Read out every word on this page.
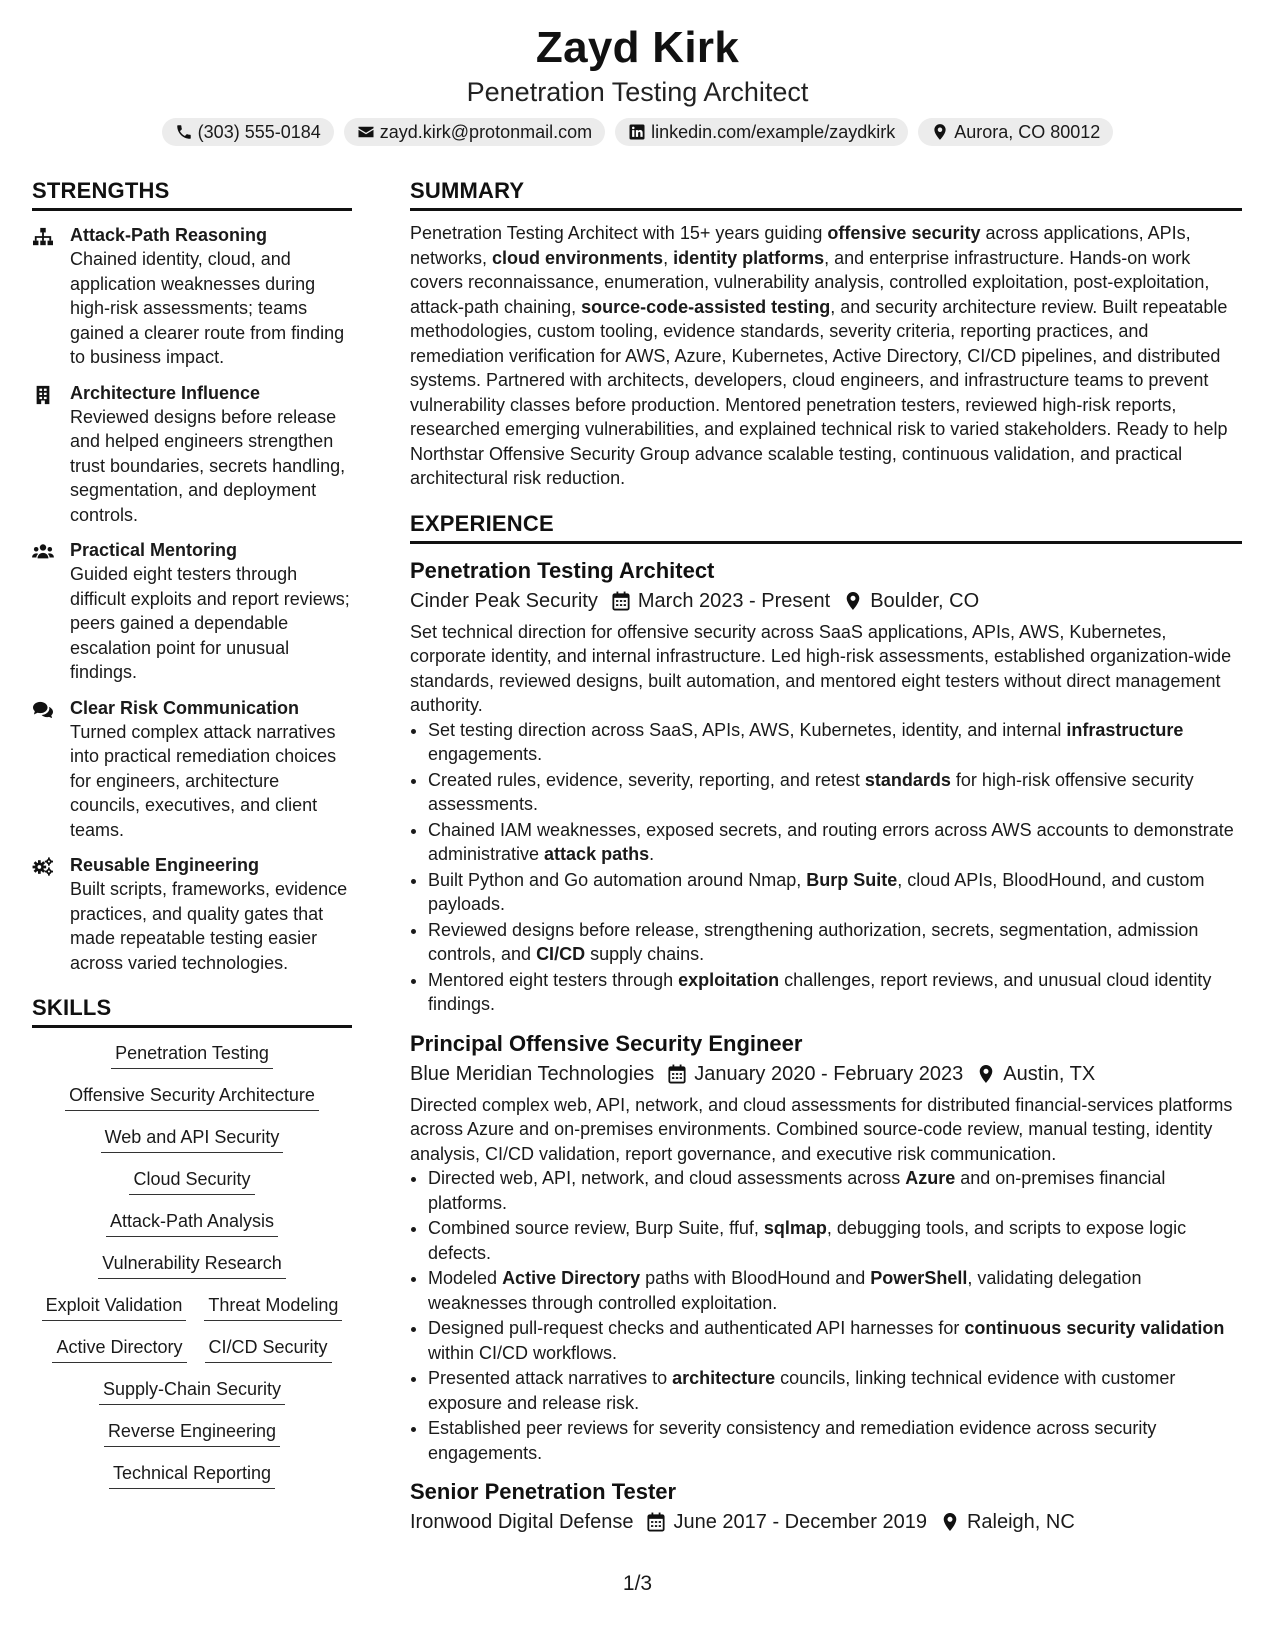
Zayd Kirk
Penetration Testing Architect
(303) 555-0184	zayd.kirk@protonmail.com	linkedin.com/example/zaydkirk	Aurora, CO 80012
STRENGTHS
Attack-Path Reasoning
Chained identity, cloud, and application weaknesses during high-risk assessments; teams gained a clearer route from finding to business impact.
Architecture Influence
Reviewed designs before release and helped engineers strengthen trust boundaries, secrets handling, segmentation, and deployment controls.
Practical Mentoring
Guided eight testers through difficult exploits and report reviews; peers gained a dependable escalation point for unusual findings.
Clear Risk Communication
Turned complex attack narratives into practical remediation choices for engineers, architecture councils, executives, and client teams.
Reusable Engineering
Built scripts, frameworks, evidence practices, and quality gates that made repeatable testing easier across varied technologies.
SKILLS
Penetration Testing
Offensive Security Architecture
Web and API Security
Cloud Security
Attack-Path Analysis
Vulnerability Research
Exploit Validation Threat Modeling
Active Directory CI/CD Security
Supply-Chain Security
Reverse Engineering
Technical Reporting
SUMMARY
Penetration Testing Architect with 15+ years guiding offensive security across applications, APIs, networks, cloud environments, identity platforms, and enterprise infrastructure. Hands-on work covers reconnaissance, enumeration, vulnerability analysis, controlled exploitation, post-exploitation, attack-path chaining, source-code-assisted testing, and security architecture review. Built repeatable methodologies, custom tooling, evidence standards, severity criteria, reporting practices, and remediation verification for AWS, Azure, Kubernetes, Active Directory, CI/CD pipelines, and distributed systems. Partnered with architects, developers, cloud engineers, and infrastructure teams to prevent vulnerability classes before production. Mentored penetration testers, reviewed high-risk reports, researched emerging vulnerabilities, and explained technical risk to varied stakeholders. Ready to help Northstar Offensive Security Group advance scalable testing, continuous validation, and practical architectural risk reduction.
EXPERIENCE
Penetration Testing Architect
Cinder Peak Security March 2023 - Present Boulder, CO
Set technical direction for offensive security across SaaS applications, APIs, AWS, Kubernetes, corporate identity, and internal infrastructure. Led high-risk assessments, established organization-wide standards, reviewed designs, built automation, and mentored eight testers without direct management authority.
• Set testing direction across SaaS, APIs, AWS, Kubernetes, identity, and internal infrastructure engagements.
• Created rules, evidence, severity, reporting, and retest standards for high-risk offensive security assessments.
• Chained IAM weaknesses, exposed secrets, and routing errors across AWS accounts to demonstrate administrative attack paths.
• Built Python and Go automation around Nmap, Burp Suite, cloud APIs, BloodHound, and custom payloads.
• Reviewed designs before release, strengthening authorization, secrets, segmentation, admission controls, and CI/CD supply chains.
• Mentored eight testers through exploitation challenges, report reviews, and unusual cloud identity findings.
Principal Offensive Security Engineer
Blue Meridian Technologies January 2020 - February 2023 Austin, TX
Directed complex web, API, network, and cloud assessments for distributed financial-services platforms across Azure and on-premises environments. Combined source-code review, manual testing, identity analysis, CI/CD validation, report governance, and executive risk communication.
• Directed web, API, network, and cloud assessments across Azure and on-premises financial platforms.
• Combined source review, Burp Suite, ffuf, sqlmap, debugging tools, and scripts to expose logic defects.
• Modeled Active Directory paths with BloodHound and PowerShell, validating delegation weaknesses through controlled exploitation.
• Designed pull-request checks and authenticated API harnesses for continuous security validation within CI/CD workflows.
• Presented attack narratives to architecture councils, linking technical evidence with customer exposure and release risk.
• Established peer reviews for severity consistency and remediation evidence across security engagements.
Senior Penetration Tester
Ironwood Digital Defense June 2017 - December 2019 Raleigh, NC
1/3
